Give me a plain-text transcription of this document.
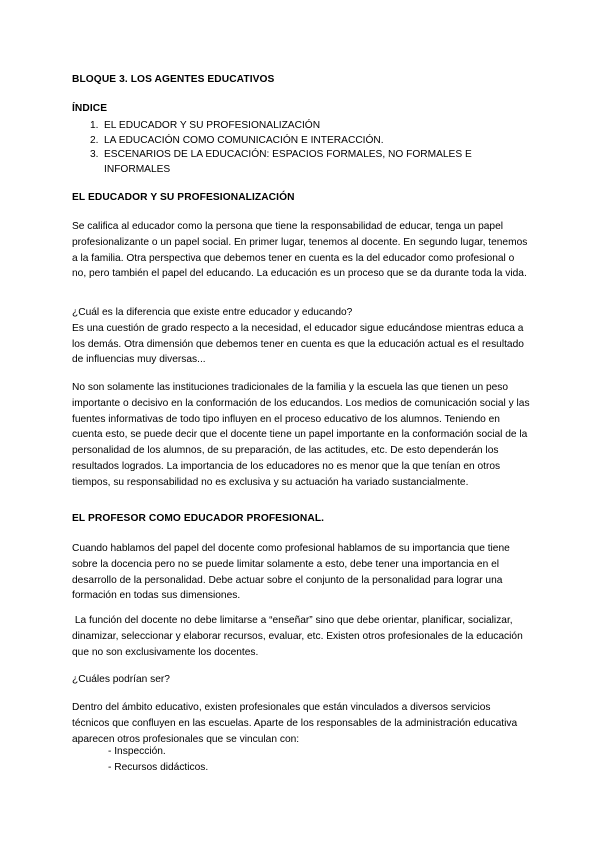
BLOQUE 3. LOS AGENTES EDUCATIVOS
ÍNDICE
1. EL EDUCADOR Y SU PROFESIONALIZACIÓN
2. LA EDUCACIÓN COMO COMUNICACIÓN E INTERACCIÓN.
3. ESCENARIOS DE LA EDUCACIÓN: ESPACIOS FORMALES, NO FORMALES E INFORMALES
EL EDUCADOR Y SU PROFESIONALIZACIÓN

Se califica al educador como la persona que tiene la responsabilidad de educar, tenga un papel profesionalizante o un papel social. En primer lugar, tenemos al docente. En segundo lugar, tenemos a la familia. Otra perspectiva que debemos tener en cuenta es la del educador como profesional o no, pero también el papel del educando. La educación es un proceso que se da durante toda la vida.

¿Cuál es la diferencia que existe entre educador y educando?
Es una cuestión de grado respecto a la necesidad, el educador sigue educándose mientras educa a los demás. Otra dimensión que debemos tener en cuenta es que la educación actual es el resultado de influencias muy diversas...

No son solamente las instituciones tradicionales de la familia y la escuela las que tienen un peso importante o decisivo en la conformación de los educandos. Los medios de comunicación social y las fuentes informativas de todo tipo influyen en el proceso educativo de los alumnos. Teniendo en cuenta esto, se puede decir que el docente tiene un papel importante en la conformación social de la personalidad de los alumnos, de su preparación, de las actitudes, etc. De esto dependerán los resultados logrados. La importancia de los educadores no es menor que la que tenían en otros tiempos, su responsabilidad no es exclusiva y su actuación ha variado sustancialmente.

EL PROFESOR COMO EDUCADOR PROFESIONAL.

Cuando hablamos del papel del docente como profesional hablamos de su importancia que tiene sobre la docencia pero no se puede limitar solamente a esto, debe tener una importancia en el desarrollo de la personalidad. Debe actuar sobre el conjunto de la personalidad para lograr una formación en todas sus dimensiones.

La función del docente no debe limitarse a “enseñar” sino que debe orientar, planificar, socializar, dinamizar, seleccionar y elaborar recursos, evaluar, etc. Existen otros profesionales de la educación que no son exclusivamente los docentes.

¿Cuáles podrían ser?

Dentro del ámbito educativo, existen profesionales que están vinculados a diversos servicios técnicos que confluyen en las escuelas. Aparte de los responsables de la administración educativa aparecen otros profesionales que se vinculan con:

- Inspección.
- Recursos didácticos.
